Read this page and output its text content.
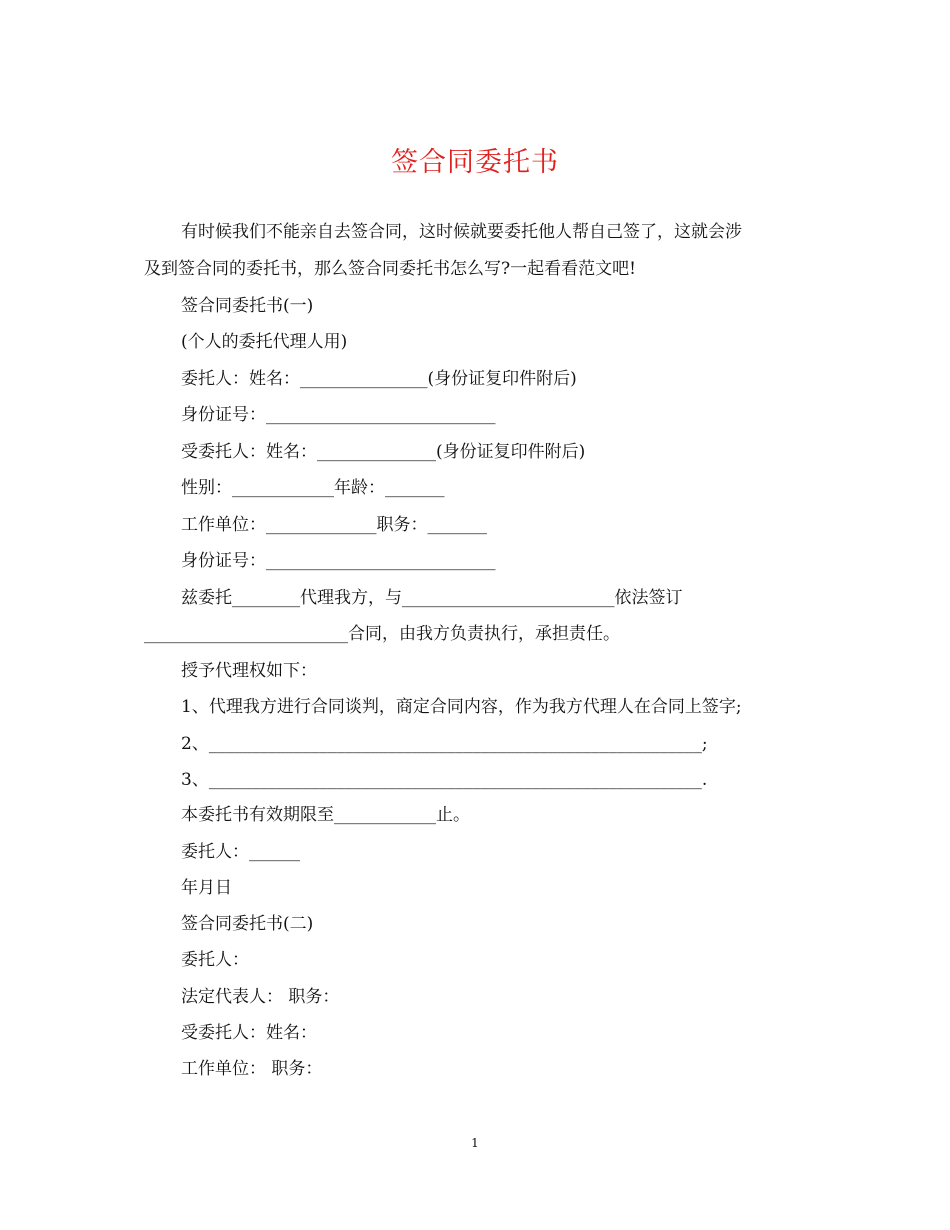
签合同委托书
有时候我们不能亲自去签合同，这时候就要委托他人帮自己签了，这就会涉
及到签合同的委托书，那么签合同委托书怎么写?一起看看范文吧!
签合同委托书(一)
(个人的委托代理人用)
委托人：姓名：_______________(身份证复印件附后)
身份证号：___________________________
受委托人：姓名：______________(身份证复印件附后)
性别：____________年龄：_______
工作单位：_____________职务：_______
身份证号：___________________________
兹委托________代理我方，与_________________________依法签订
________________________合同，由我方负责执行，承担责任。
授予代理权如下：
1、代理我方进行合同谈判，商定合同内容，作为我方代理人在合同上签字;
2、__________________________________________________________;
3、__________________________________________________________.
本委托书有效期限至____________止。
委托人：______
年月日
签合同委托书(二)
委托人：
法定代表人： 职务：
受委托人：姓名：
工作单位： 职务：
1
